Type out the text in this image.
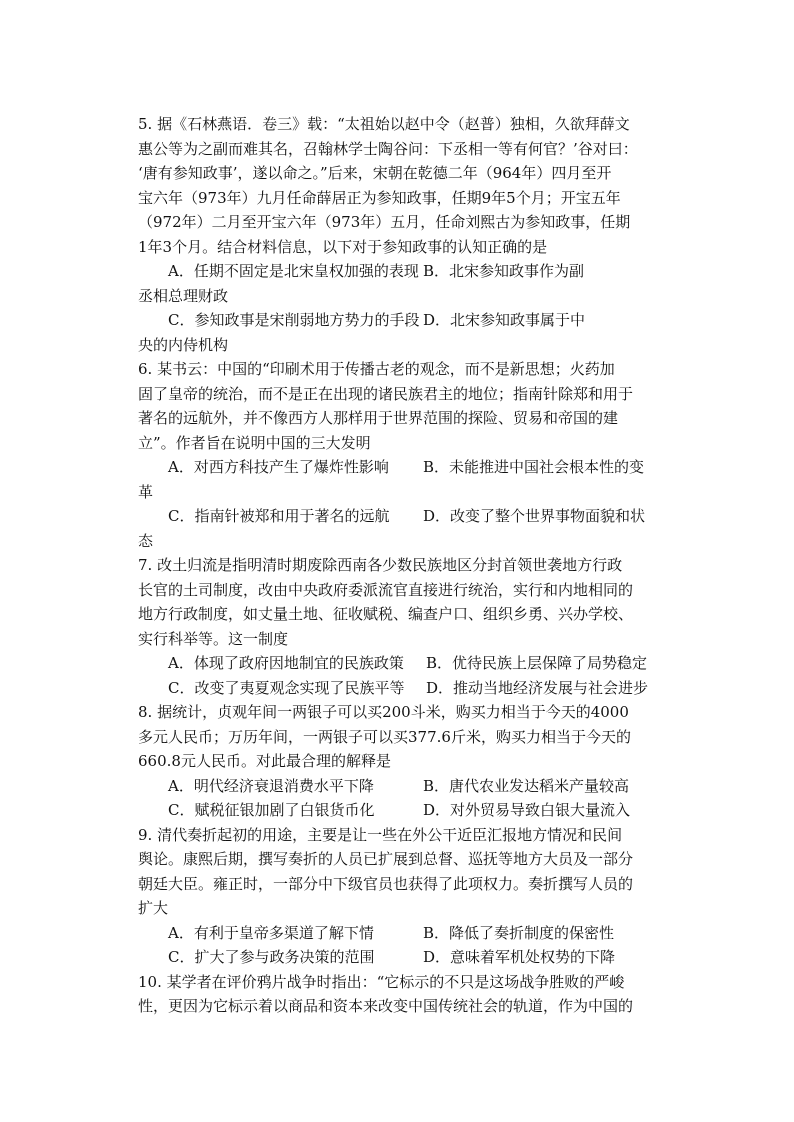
5. 据《石林燕语．卷三》载：“太祖始以赵中令（赵普）独相，久欲拜薛文
惠公等为之副而难其名，召翰林学士陶谷问：下丞相一等有何官？’谷对曰：
‘唐有参知政事’，遂以命之。”后来，宋朝在乾德二年（964年）四月至开
宝六年（973年）九月任命薛居正为参知政事，任期9年5个月；开宝五年
（972年）二月至开宝六年（973年）五月，任命刘熙古为参知政事，任期
1年3个月。结合材料信息，以下对于参知政事的认知正确的是
A．任期不固定是北宋皇权加强的表现 B．北宋参知政事作为副
丞相总理财政
C．参知政事是宋削弱地方势力的手段 D．北宋参知政事属于中
央的内侍机构
6. 某书云：中国的“印刷术用于传播古老的观念，而不是新思想；火药加
固了皇帝的统治，而不是正在出现的诸民族君主的地位；指南针除郑和用于
著名的远航外，并不像西方人那样用于世界范围的探险、贸易和帝国的建
立”。作者旨在说明中国的三大发明
A．对西方科技产生了爆炸性影响	B．未能推进中国社会根本性的变
革
C．指南针被郑和用于著名的远航	D．改变了整个世界事物面貌和状
态
7. 改土归流是指明清时期废除西南各少数民族地区分封首领世袭地方行政
长官的土司制度，改由中央政府委派流官直接进行统治，实行和内地相同的
地方行政制度，如丈量土地、征收赋税、编查户口、组织乡勇、兴办学校、
实行科举等。这一制度
A．体现了政府因地制宜的民族政策	B．优待民族上层保障了局势稳定
C．改变了夷夏观念实现了民族平等	D．推动当地经济发展与社会进步
8. 据统计，贞观年间一两银子可以买200斗米，购买力相当于今天的4000
多元人民币；万历年间，一两银子可以买377.6斤米，购买力相当于今天的
660.8元人民币。对此最合理的解释是
A．明代经济衰退消费水平下降	B．唐代农业发达稻米产量较高
C．赋税征银加剧了白银货币化	D．对外贸易导致白银大量流入
9. 清代奏折起初的用途，主要是让一些在外公干近臣汇报地方情况和民间
舆论。康熙后期，撰写奏折的人员已扩展到总督、巡抚等地方大员及一部分
朝廷大臣。雍正时，一部分中下级官员也获得了此项权力。奏折撰写人员的
扩大
A．有利于皇帝多渠道了解下情	B．降低了奏折制度的保密性
C．扩大了参与政务决策的范围	D．意味着军机处权势的下降
10. 某学者在评价鸦片战争时指出：“它标示的不只是这场战争胜败的严峻
性，更因为它标示着以商品和资本来改变中国传统社会的轨道，作为中国的
